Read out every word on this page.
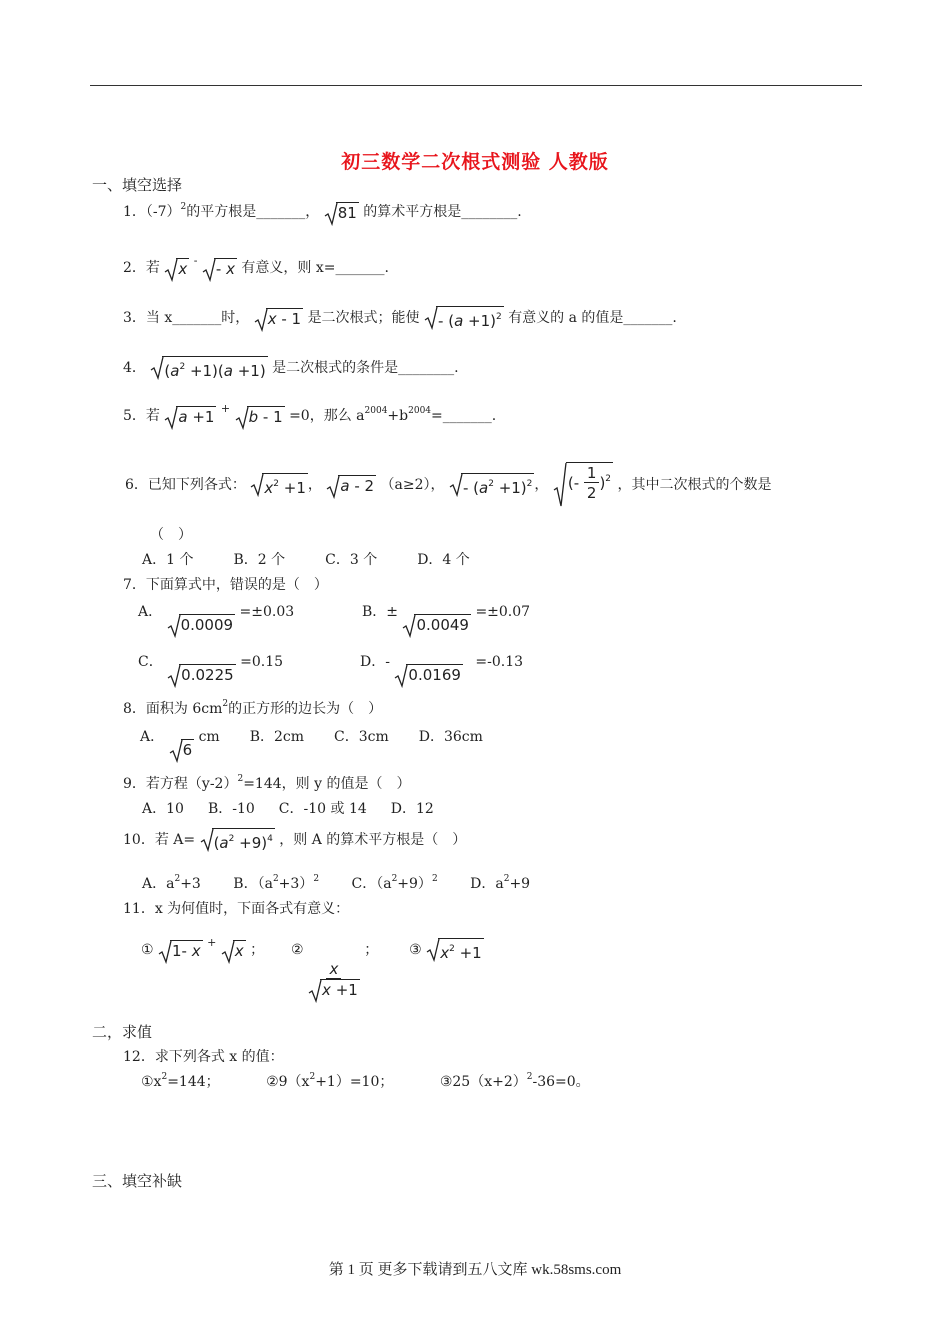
初三数学二次根式测验 人教版
一、填空选择
1．$(-7)^2$的平方根是_______， 81 的算术平方根是________.
2．若 x - - x 有意义，则 x=_______.
3．当 x_______时， x - 1 是二次根式；能使 - $(a +1)^2$ 有意义的 a 的值是_______.
4． $(a^2 +1)(a +1)$ 是二次根式的条件是________.
5．若 a +1 + b - 1 =0，那么 $a^{2004}+b^{2004}=\_\_\_\_\_\_\_$.
6．已知下列各式： $x^2 +1$ ，
a - 2 （a≥2）， - $(a^2 +1)^2$ ，
(- $\frac{1}{2} )^2$ ，其中二次根式的个数是
（　）
A．1 个	B．2 个	C．3 个	D．4 个
7．下面算式中，错误的是（　）
A．
0.0009 =±0.03	B．±
0.0049 =±0.07
C．
0.0225 =0.15	D．-
0.0169 =-0.13
8．面积为 $6cm^2$的正方形的边长为（　）
A．
6 cm B．2cm C．3cm D．36cm
9．若方程$(y-2)^2=144$，则 y 的值是（　）
A．10 B．-10 C．-10 或 14 D．12
10．若 $A= (a^2 +9)^4$ ，则 A 的算术平方根是（　）
A．$a^2+3$ B．$(a^2+3)^2$ C．$(a^2+9)^2$ D．$a^2+9$
11．x 为何值时，下面各式有意义：
① 1- x + x ； ②
$\frac{x}{x +1}$
； ③ $x^2 +1$
二，求值
12．求下列各式 x 的值：
$①x^2=144$；	$②9(x^2+1)=10$；	$③25(x+2)^2-36=0$。
三、填空补缺
第 1 页 更多下载请到五八文库 wk.58sms.com
